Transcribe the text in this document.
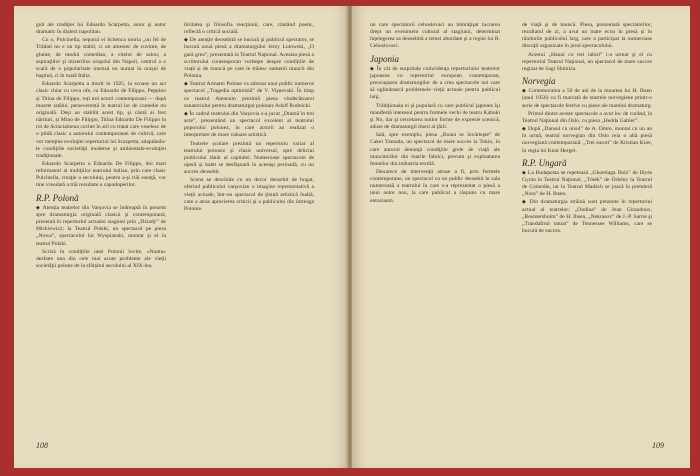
gub ale tradiţiei lui Eduardo Scarpetta, autor şi autor dramatic în dialect napolitan.

Cu o, Pulcinella, neputul ei Schenca moria „un fel de Trădati nu e un tip stabil, ci un amestec de cuvinte, de glume, de modul comedian, a vitelor de salon; a aspiraţiilor şi mizeriilor oraşului din Napoli, centrul a o scară de o popularitate imensă nu numai în orașul de baştină, ci în toată Italia.

Eduardo Scarpetta a murit în 1925, la scoase un act clasic chiar cu ceva ofe, ca Edoardo de Filippo, Peppino și Titina de Filippo, toți trei actori contemporani — după moarte tatălui, perseverență în teatrul lor de comedie nu originală. Deşi au stabilit acest tip, şi cântă ai fost nărituri, și Mino de Filippo, Titina Edoardo De Filippo în rol de Scinciamena cochet în stil cu tratat care veselesc de o pildă clasic a autorului contemporanei de cultivă, care vor menţine evoluţiei repertoriul lui Scarpetta, adaptându-le condiţiile societăţii moderne şi ambientale-evoluţiei tradiţionale.

Eduardo Scarpetta o Eduardo De Filippo, doi mari reformatori ai tradiţiilor teatrului italian, prin care clasic Pulcinella, creaţie a secolului, pentru a-şi trăi esenţă, vor tine vreodată a trăi rezultate a capodoperilor.

R.P. Polonă

◆ Atenția teatrelor din Varșovia se îndreaptă în prezent spre dramaturgia originală clasică şi contemporană, prezentă în repertoriul actualei stagiuni prin „Dziady” de Mickiewicz; la Teatrul Polski, un spectacol pe piesa „Nowa”, spectacolul lui Wyspianski, montat şi el la teatrul Polski.

Scrisă în condiţiile unei Polonii lovite, «Nunta» dezbate una din cele mai acute probleme ale vieţii societăţii polone de la sfârşitul secolului al XIX-lea.

ibritatea şi filosofia reacţiunii, care, cântând poetic, reflectă o critică socială.

◆ De atenţie deosebită se bucură şi publicul spectator, se bucură nouă piesă a dramaturgului Jerzy Lutowski, „O gară grea”, prezentată la Teatrul Naţional. Aceasta piesă a scriitorului contemporan vorbeşte despre condițiile de viață și de muncă pe care le trăiesc oamenii muncii din Polonia.

◆ Teatrul Armatei Polone va adresat unui public numeros spectacol „Tragedia optimistă” de V. Vişnevski. În timp ce teatrul Ateneum prezintă piesa vindecătoarei sanatoriului pentru dramaturgul polonez Adolf Rudnicki.

◆ În cadrul teatrului din Varșovia s-a jucat „Dramă în trei acte”, prezentând un spectacol excelent al teatrului poporului polonez, în care actorii au realizat o interpretare de mare valoare artistică.

Teatrele şcolare prezintă un repertoriu variat al teatrului polonez şi clasic universal, spre deliciul publicului tânăr al capitalei. Numeroase spectacole de operă şi balet se desfăşoară în aceeaşi perioadă, cu un succes deosebit.

Scena se deschide cu un decor deosebit de bogat, oferind publicului varşovian o imagine reprezentativă a vieţii actuale, într-un spectacol de ţinută artistică înaltă, care a atras aprecierea criticii şi a publicului din întreaga Polonie.

108

un care spectatorii cehoslovaci au îmbrăţişat lucrarea drept un eveniment cultural al stagiunii, determinat înţelegerea sa deosebită a temei abordate şi a regiei lui R. Cehoslovaci.

Japonia

◆ În cât de surprinde coincidenţa repertoriului teatrelor japoneze cu repertoriul european contemporan, preocuparea dramaturgilor de a crea spectacole noi care să oglindească problemele vieţii actuale pentru publicul larg.

Trădiţionala ei şi populară cu care publicul japonez îşi manifestă interesul pentru formele vechi de teatru Kabuki şi No, dar şi cercetarea noilor forme de expresie scenică, aduse de dramaturgii tineri ai ţării.

Iată, spre exemplu, piesa „Roata se învârteşte” de Cakei Yamada, un spectacol de mare succes la Tokio, în care autorul denunţă condiţiile grele de viaţă ale muncitorilor din marile fabrici, precum şi exploatarea femeilor din industria textilă.

Deoarece de intervenţii atrase a fi, prin formele contemporane, un spectacol cu un public deosebit în sala numeroasă a teatrului în care s-a reprezentat o piesă a unui autor nou, la care publicul a răspuns cu mare entuziasm.

de viaţă şi de muncă. Piesa, prezentată spectatorilor, rezultatul de zi, a avut un mare ecou în presă și în rândurile publicului larg, care a participat la numeroase discuţii organizate în jurul spectacolului.

Acestui „Hanul cu trei iubiri” i-a urmat şi el cu repertoriul Teatrul Naţional, un spectacol de mare succes regizat de Sagi Shimizu.

Norvegia

◆ Comemorarea a 50 de ani de la moartea lui H. Ibsen (anul 1956) va fi marcată de teatrele norvegiene printr-o serie de spectacole festive cu piese ale marelui dramaturg.

Primul dintre aceste spectacole a avut loc de curând, la Teatrul Naţional din Oslo, cu piesa „Hedda Gabler”.

◆ După „Dansul cu ursul” de A. Omre, montat cu un an în urmă, teatrul norvegian din Oslo reia o altă piesă norvegiană contemporană: „Trei surori” de Kristian Kiær, în regia lui Knut Hergel.

R.P. Ungară

◆ La Budapesta se repetează „Ghoetiaga Dolz” de Illyés Gyula la Teatrul Naţional, „Tóték” de Örkény la Teatrul de Comedie, iar la Teatrul Madách se joacă în premieră „Nora” de H. Ibsen.

◆ Din dramaturgia străină sunt prezente în repertoriul actual al teatrelor: „Ondina” de Jean Giraudoux, „Rosmersholm” de H. Ibsen, „Nekrasov” de J.-P. Sartre şi „Trandafirul tatuat” de Tennessee Williams, care se bucură de succes.

109
